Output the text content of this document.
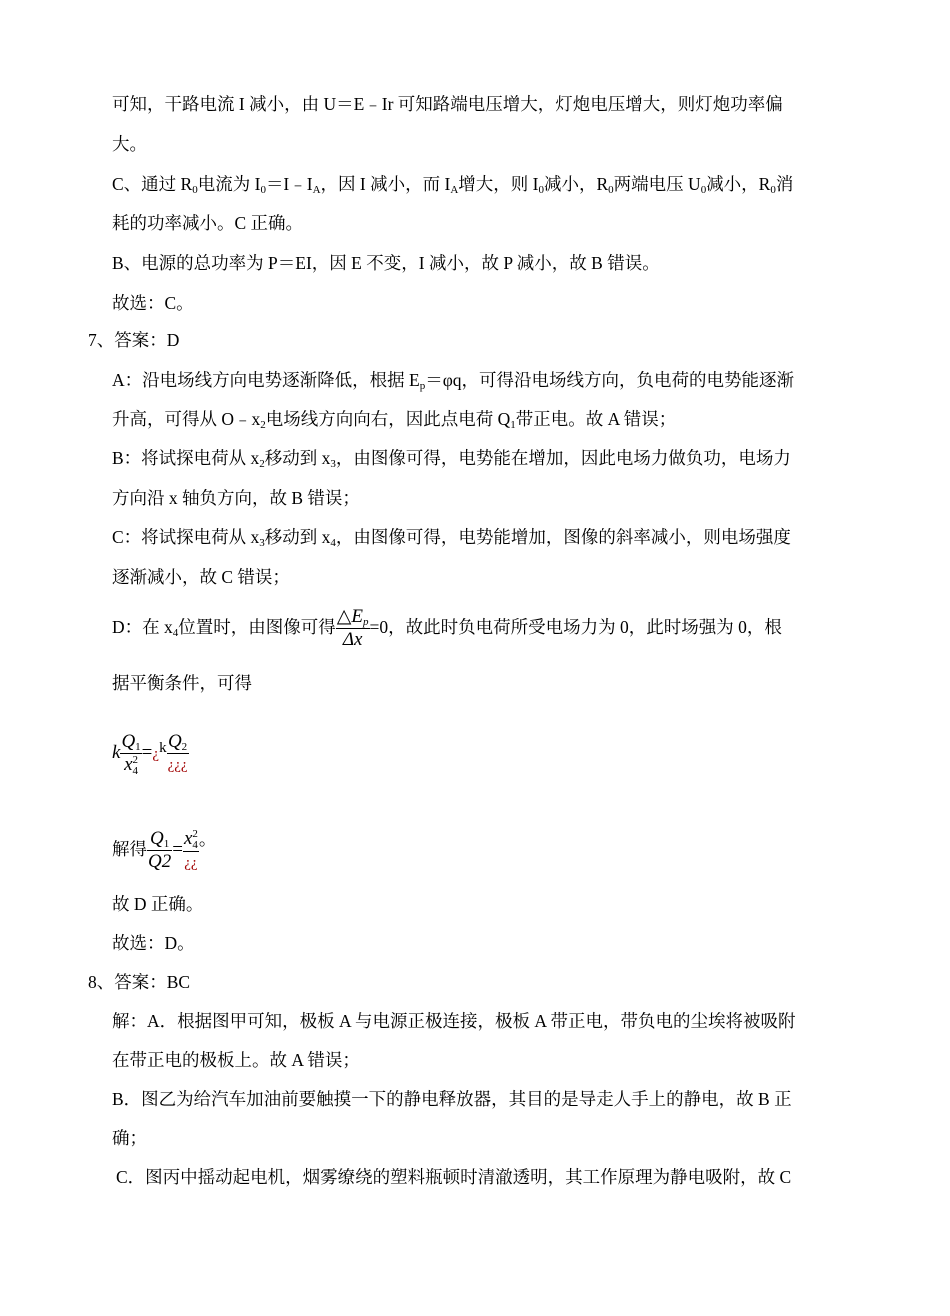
可知，干路电流 I 减小，由 U＝E﹣Ir 可知路端电压增大，灯炮电压增大，则灯炮功率偏
大。
C、通过 $R_0$电流为 $I_0=I﹣I_A$，因 I 减小，而 $I_A$增大，则 $I_0$减小，$R_0$两端电压 $U_0$减小，$R_0$消
耗的功率减小。C 正确。
B、电源的总功率为 P＝EI，因 E 不变，I 减小，故 P 减小，故 B 错误。
故选：C。
7、答案：D
A：沿电场线方向电势逐渐降低，根据 $E_p=\varphi q$，可得沿电场线方向，负电荷的电势能逐渐
升高，可得从 $O﹣x_2$电场线方向向右，因此点电荷 $Q_1$带正电。故 A 错误；
B：将试探电荷从 $x_2$移动到 $x_3$，由图像可得，电势能在增加，因此电场力做负功，电场力
方向沿 x 轴负方向，故 B 错误；
C：将试探电荷从 $x_3$移动到 $x_4$，由图像可得，电势能增加，图像的斜率减小，则电场强度
逐渐减小，故 C 错误；
D：在 $x_4$位置时，由图像可得 $\frac{\triangle E_p}{\Delta x} =0$，故此时负电荷所受电场力为 0，此时场强为 0，根
据平衡条件，可得
k $Q_1$
x 2
4 =¿k $\frac{Q_2}{¿¿¿}$
解得 $\frac{Q_1}{Q2} = x$ 2
4
¿¿ 。
故 D 正确。
故选：D。
8、答案：BC
解：A．根据图甲可知，极板 A 与电源正极连接，极板 A 带正电，带负电的尘埃将被吸附
在带正电的极板上。故 A 错误；
B．图乙为给汽车加油前要触摸一下的静电释放器，其目的是导走人手上的静电，故 B 正
确；
C．图丙中摇动起电机，烟雾缭绕的塑料瓶顿时清澈透明，其工作原理为静电吸附，故 C
